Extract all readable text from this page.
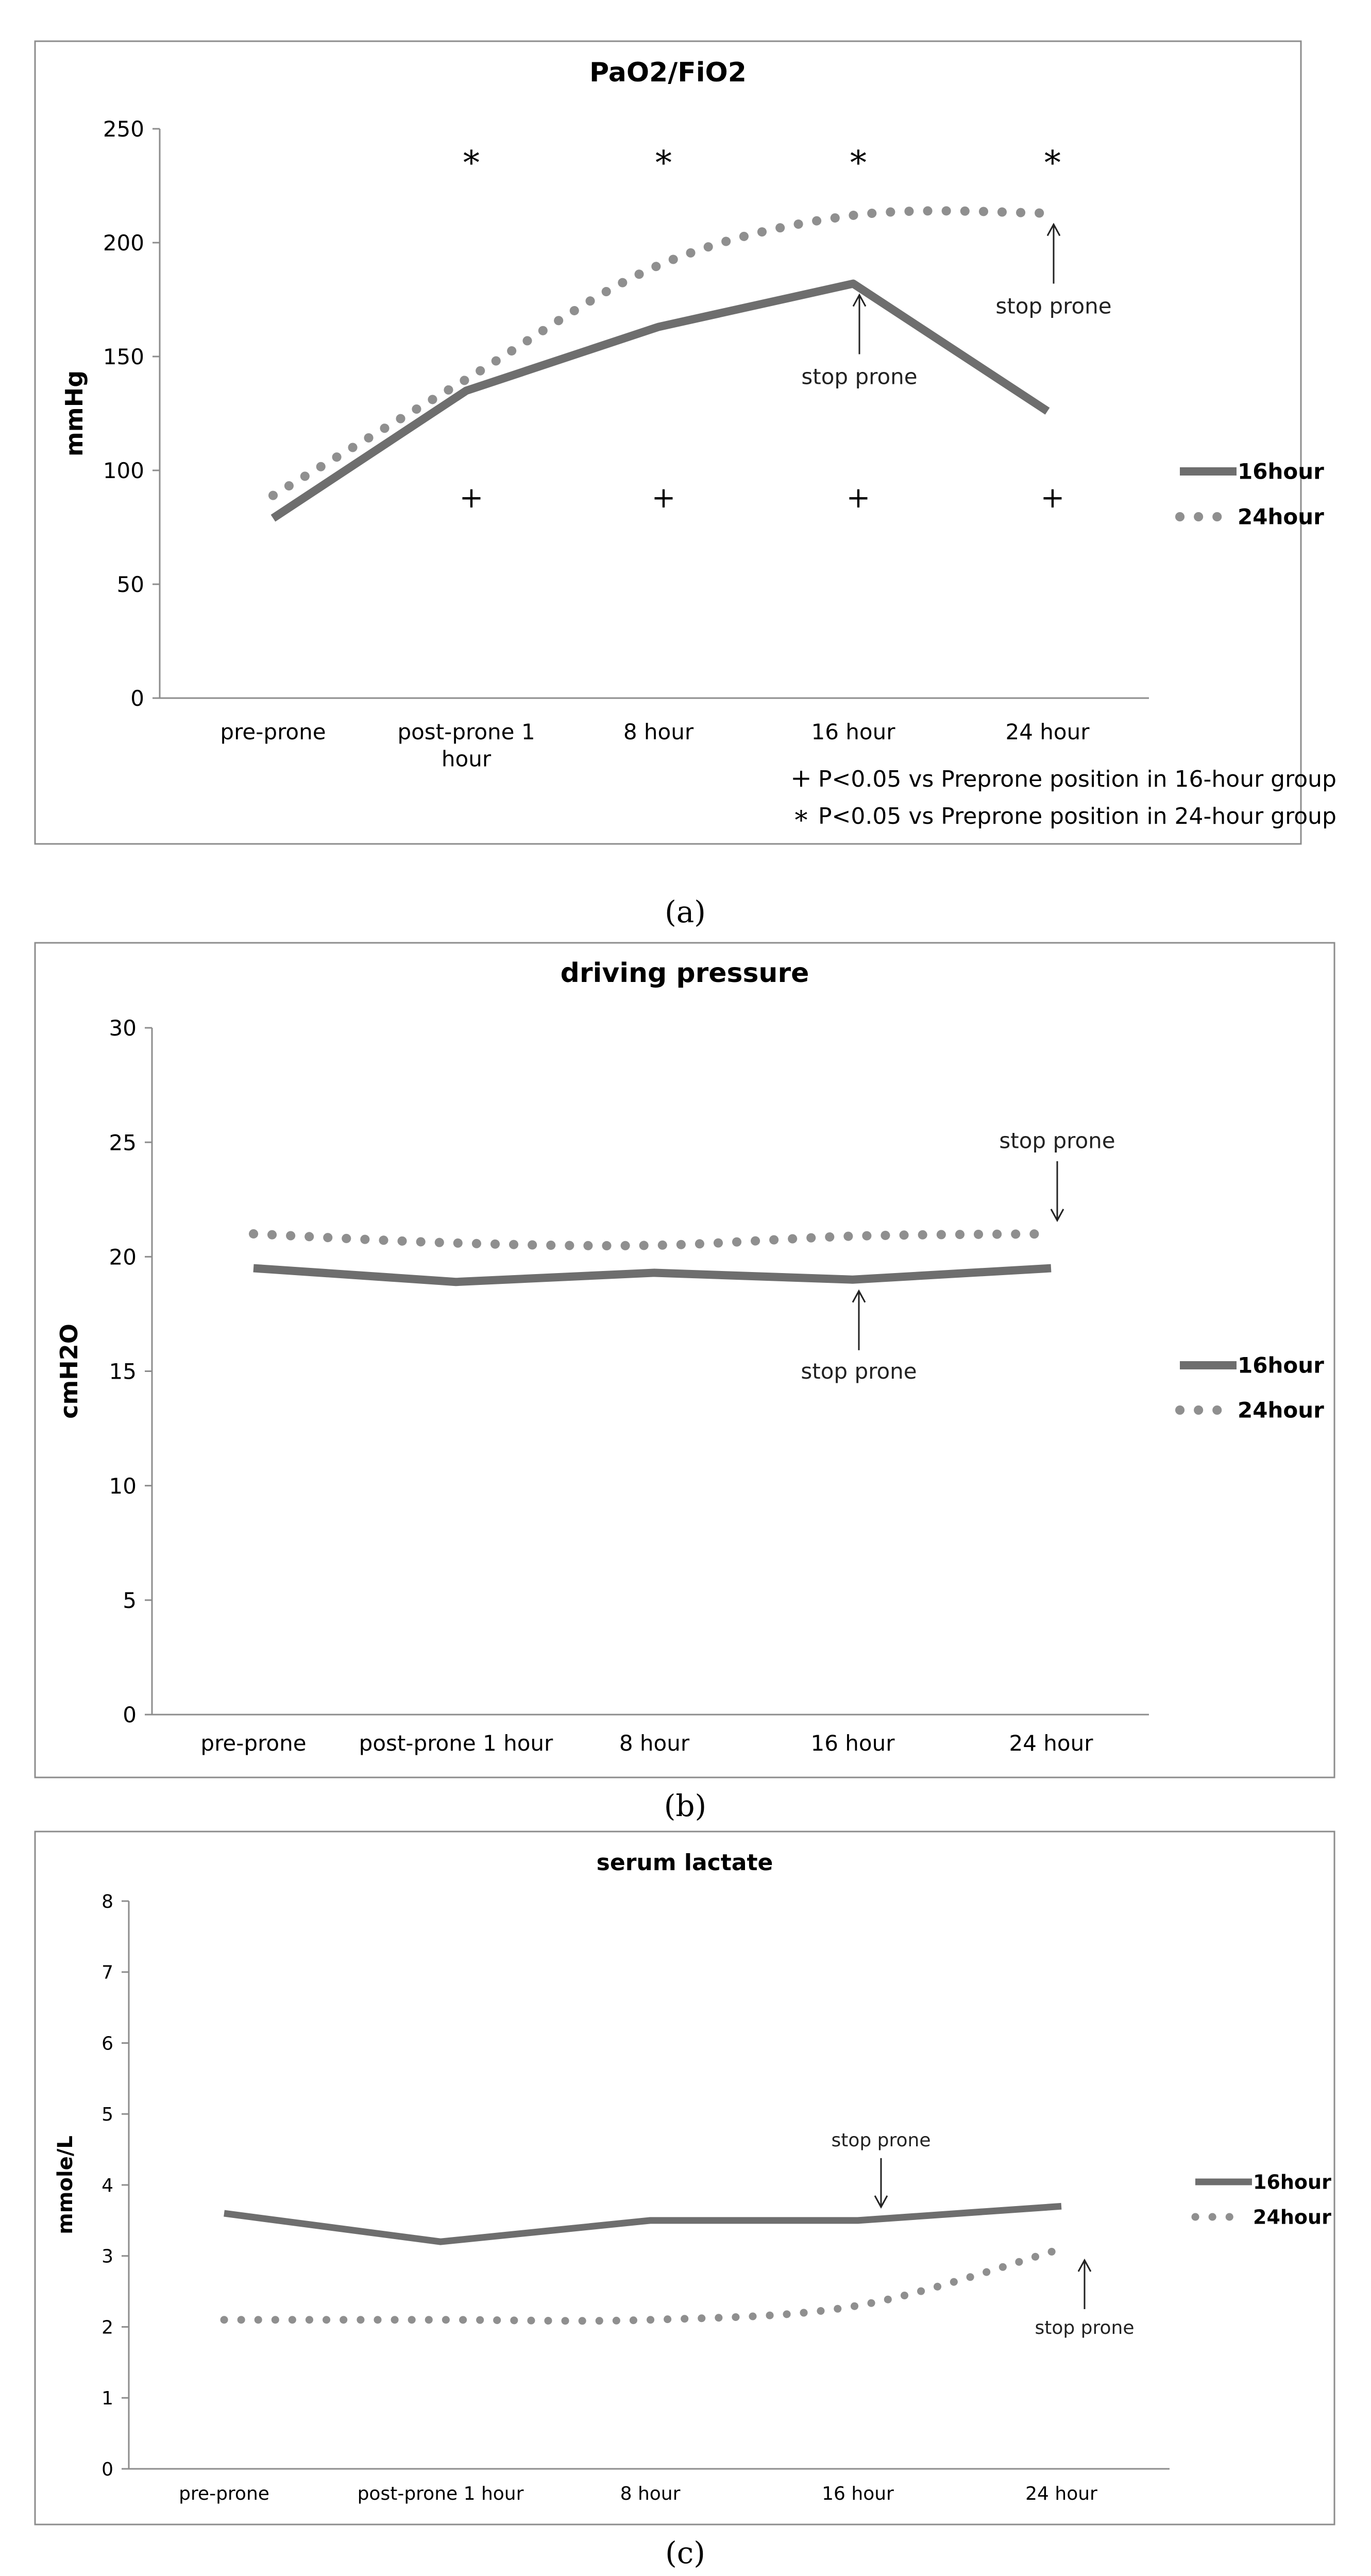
PaO2/FiO2
0
50
100
150
200
250
mmHg
pre-prone	post-prone 1 hour
8 hour	16 hour	24 hour
∗	∗	∗	∗
+	+	+	+
stop prone
stop prone
16hour
24hour
+ P<0.05 vs Preprone position in 16-hour group
∗ P<0.05 vs Preprone position in 24-hour group
(a)
driving pressure
0
5
10
15
20
25
30
cmH2O
pre-prone post-prone 1 hour	8 hour	16 hour	24 hour
stop prone
stop prone
16hour
24hour
(b)
serum lactate
0
1
2
3
4
5
6
7
8
mmole/L
pre-prone	post-prone 1 hour	8 hour	16 hour	24 hour
stop prone
stop prone
16hour
24hour
(c)
